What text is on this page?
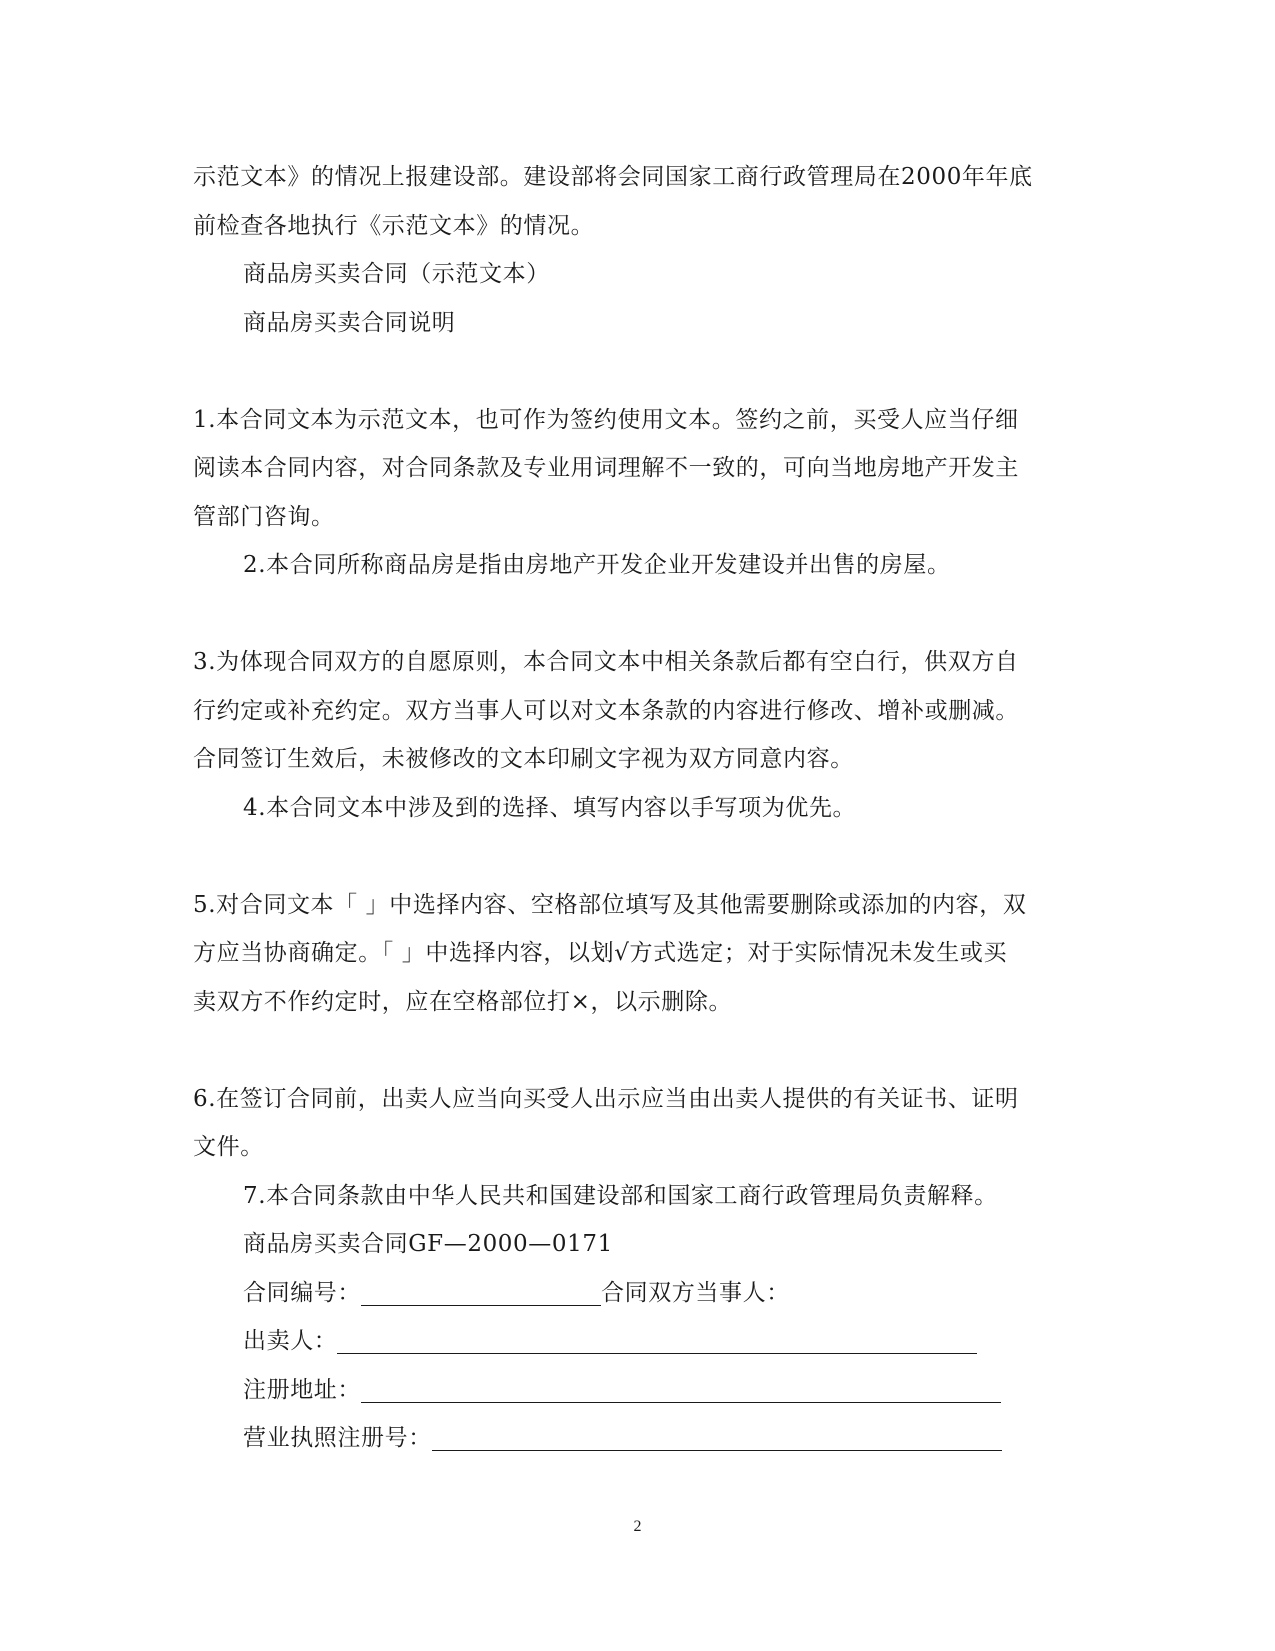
示范文本》的情况上报建设部。建设部将会同国家工商行政管理局在2000年年底
前检查各地执行《示范文本》的情况。
商品房买卖合同（示范文本）
商品房买卖合同说明
1.本合同文本为示范文本，也可作为签约使用文本。签约之前，买受人应当仔细
阅读本合同内容，对合同条款及专业用词理解不一致的，可向当地房地产开发主
管部门咨询。
2.本合同所称商品房是指由房地产开发企业开发建设并出售的房屋。
3.为体现合同双方的自愿原则，本合同文本中相关条款后都有空白行，供双方自
行约定或补充约定。双方当事人可以对文本条款的内容进行修改、增补或删减。
合同签订生效后，未被修改的文本印刷文字视为双方同意内容。
4.本合同文本中涉及到的选择、填写内容以手写项为优先。
5.对合同文本「 」中选择内容、空格部位填写及其他需要删除或添加的内容，双
方应当协商确定。「 」中选择内容，以划√方式选定；对于实际情况未发生或买
卖双方不作约定时，应在空格部位打×，以示删除。
6.在签订合同前，出卖人应当向买受人出示应当由出卖人提供的有关证书、证明
文件。
7.本合同条款由中华人民共和国建设部和国家工商行政管理局负责解释。
商品房买卖合同GF—2000—0171
合同编号：	合同双方当事人：
出卖人：
注册地址：
营业执照注册号：
2
